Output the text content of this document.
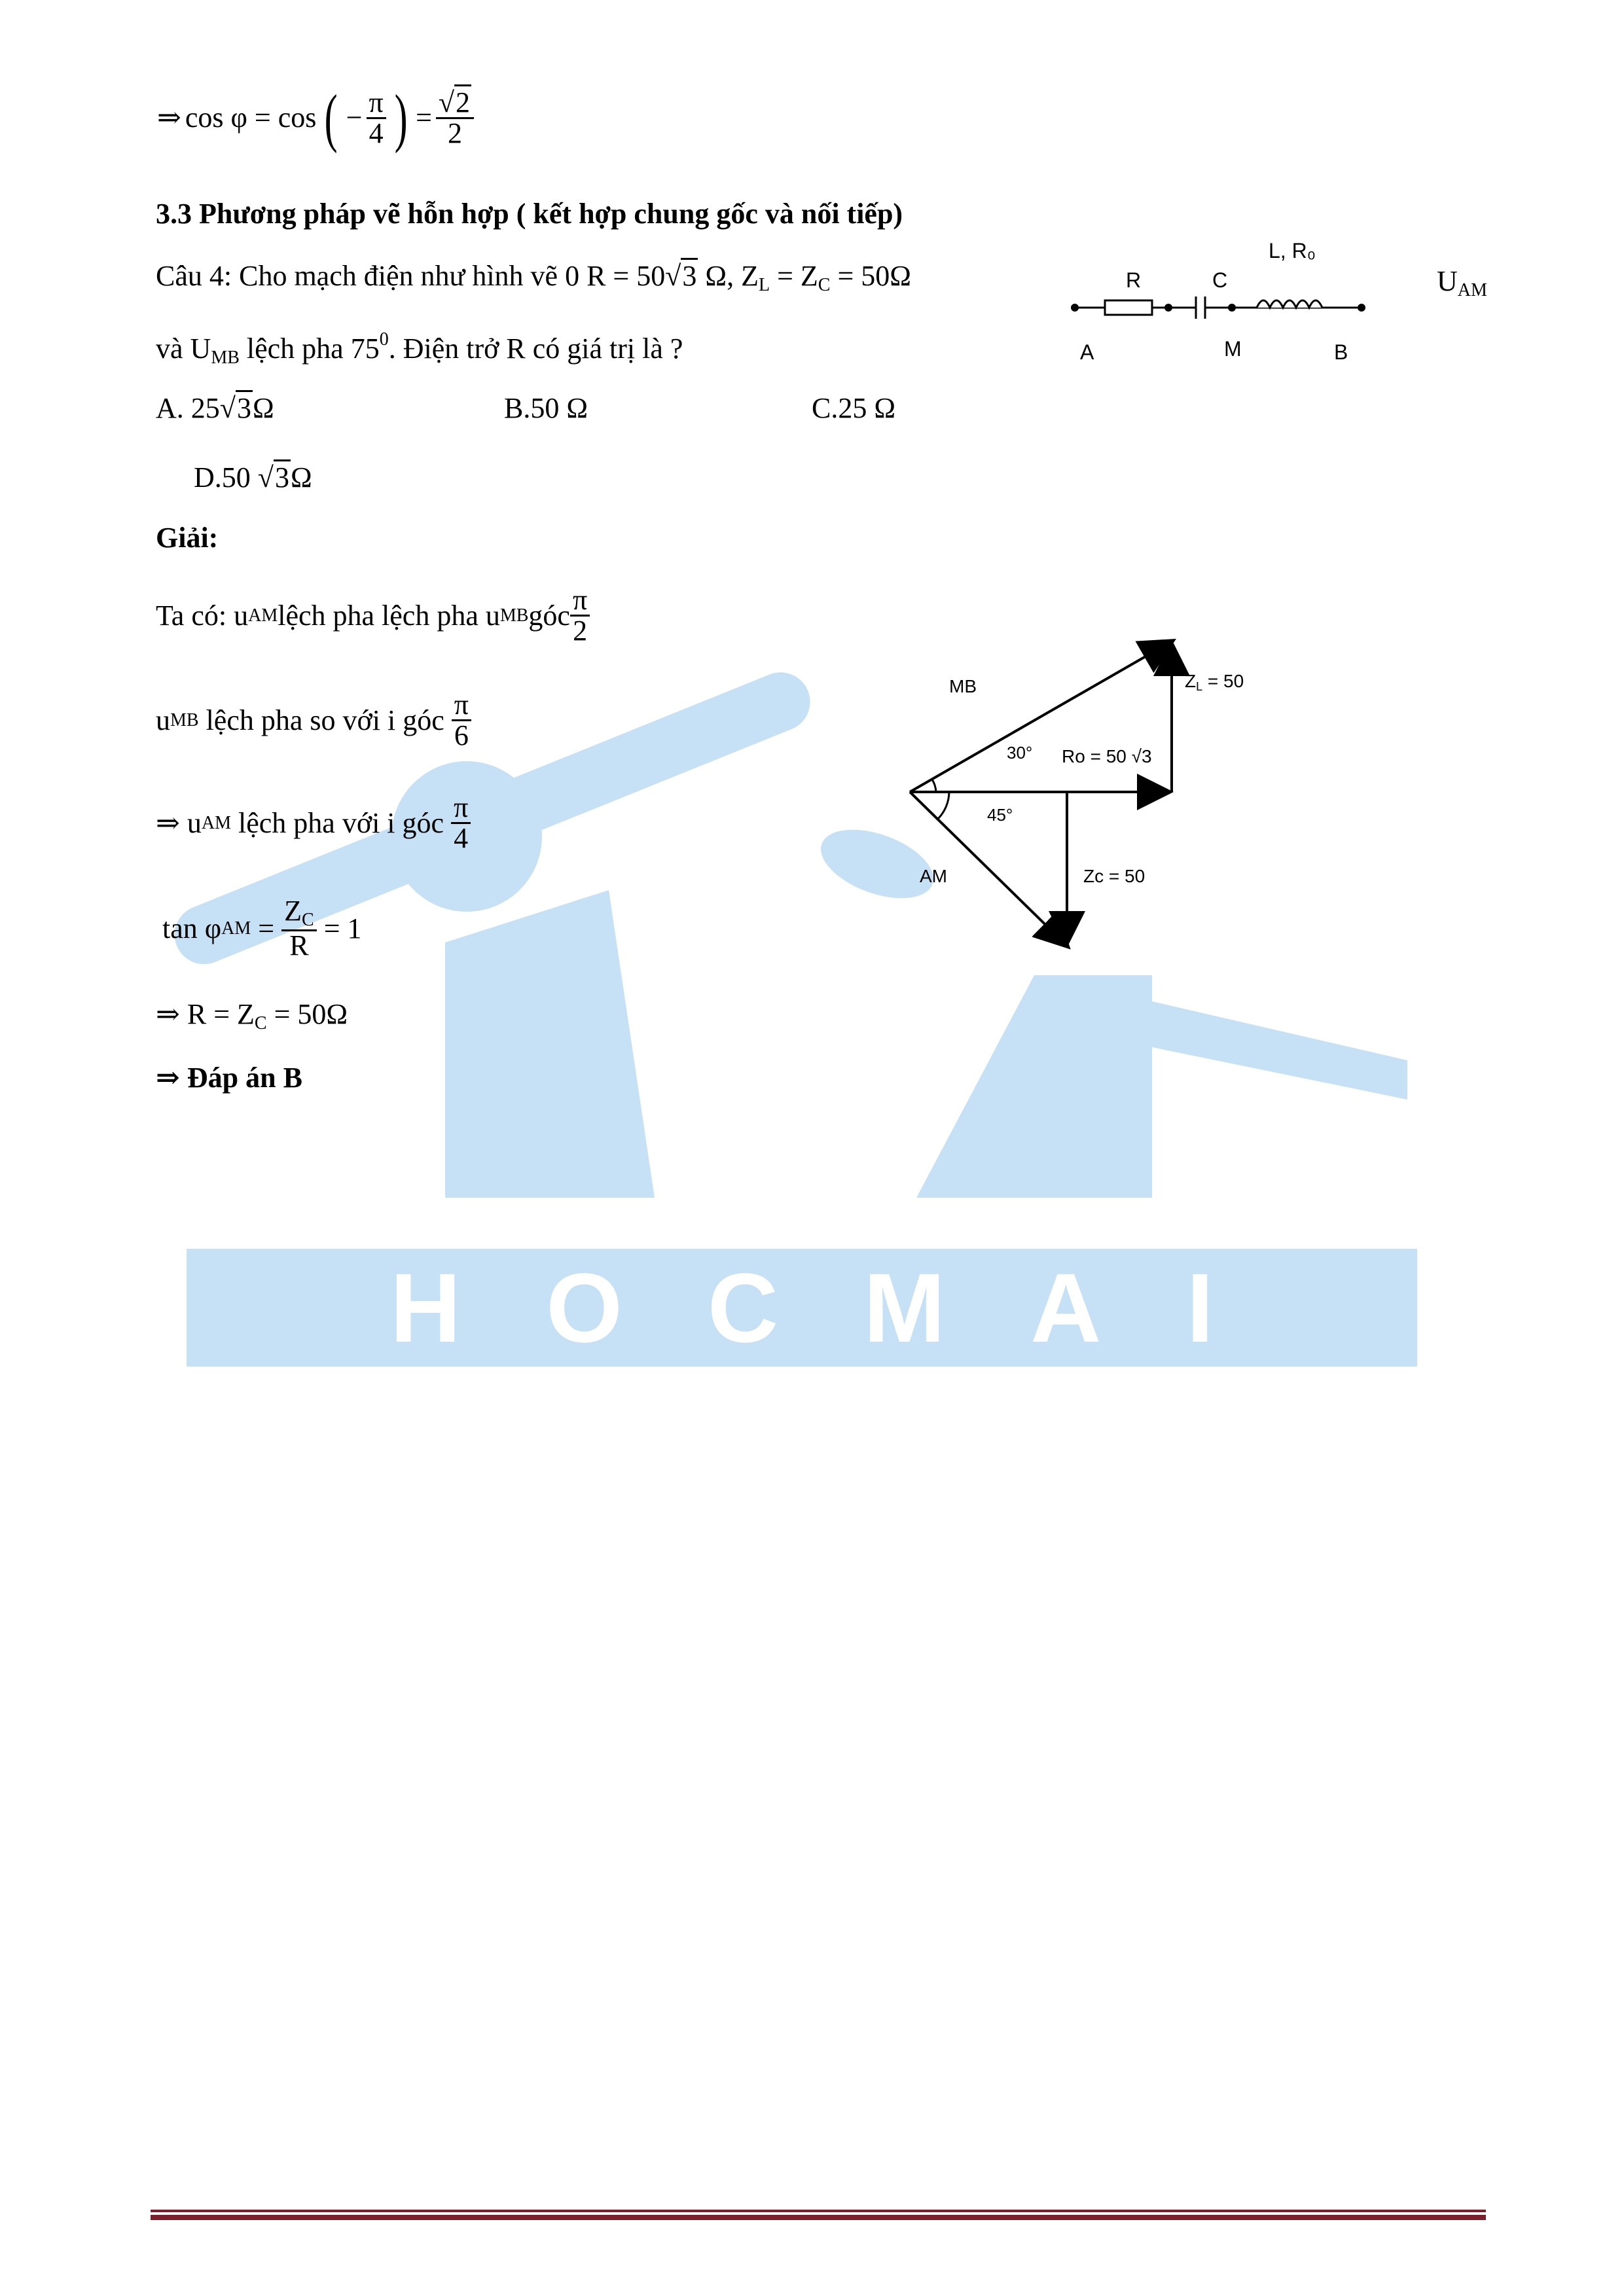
HOCMAI
⇒ cos φ = cos ( − $\frac{\pi}{4}$ ) = $\frac{√2}{2}$
3.3 Phương pháp vẽ hỗn hợp ( kết hợp chung gốc và nối tiếp)
Câu 4: Cho mạch điện như hình vẽ 0 R = 50√3 Ω, $Z_L = Z_C = 50\Omega$	$U_{AM}$
và $U_{MB}$ lệch pha $75^0$. Điện trở R có giá trị là ?
R	C
L, R₀
A	M	B
A. 25√3Ω	B.50 Ω	C.25 Ω
D.50 √3Ω
Giải:
Ta có: u AM lệch pha lệch pha u MB góc $\frac{\pi}{2}$
u MB lệch pha so với i góc $\frac{\pi}{6}$
⇒ u AM lệch pha với i góc $\frac{\pi}{4}$
tan φ AM = $\frac{Z_C}{R} = 1$
⇒ $R = Z_C = 50\Omega$
⇒ Đáp án B
MB	ZL = 50
30° Ro = 50 √3
45°
AM	Zc = 50
